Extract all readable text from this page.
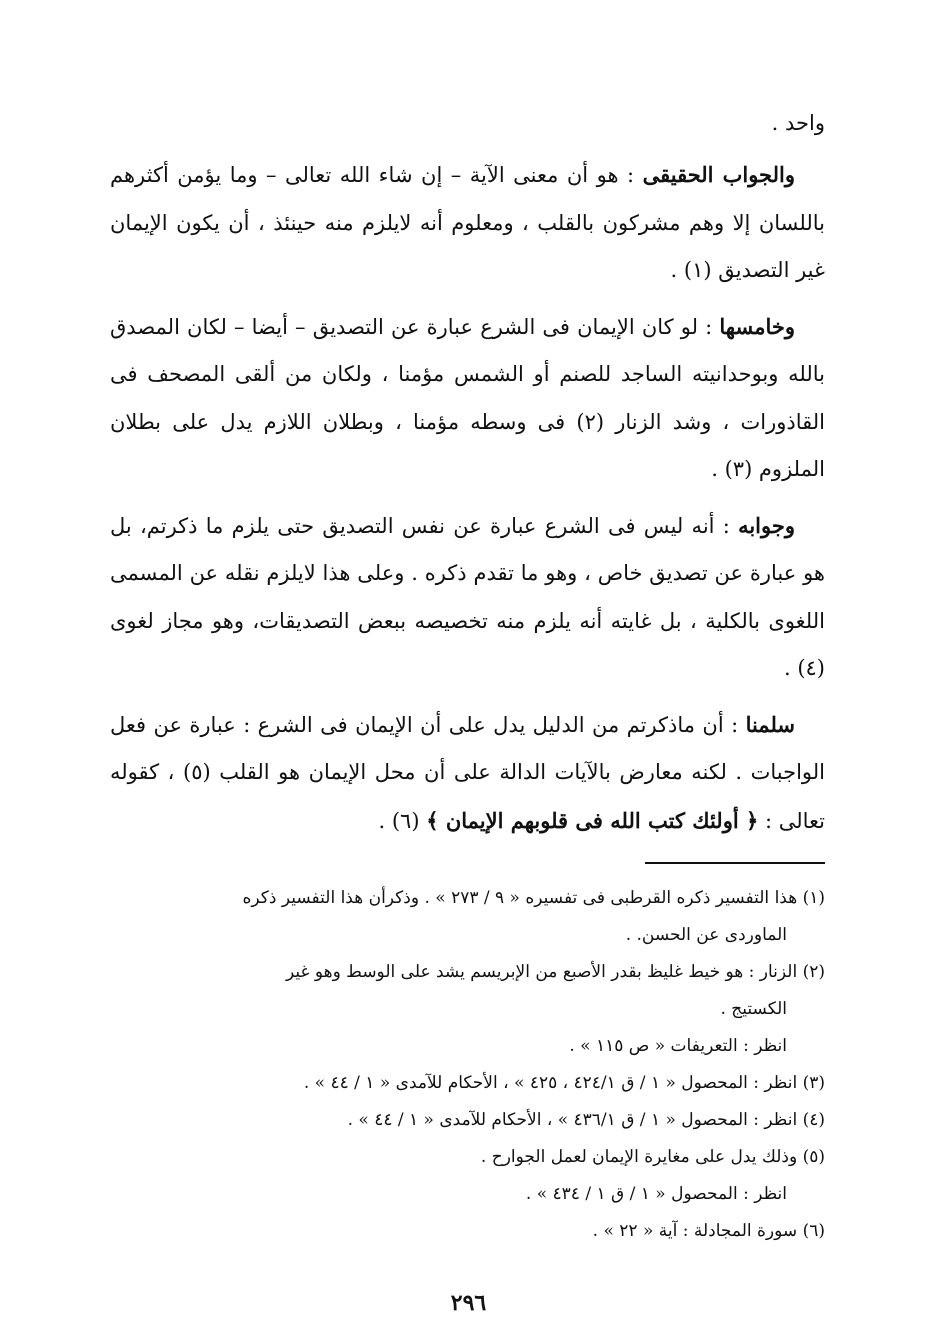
واحد .

والجواب الحقيقى : هو أن معنى الآية – إن شاء الله تعالى – وما يؤمن أكثرهم باللسان إلا وهم مشركون بالقلب ، ومعلوم أنه لايلزم منه حينئذ ، أن يكون الإيمان غير التصديق (١) .

وخامسها : لو كان الإيمان فى الشرع عبارة عن التصديق – أيضا – لكان المصدق بالله وبوحدانيته الساجد للصنم أو الشمس مؤمنا ، ولكان من ألقى المصحف فى القاذورات ، وشد الزنار (٢) فى وسطه مؤمنا ، وبطلان اللازم يدل على بطلان الملزوم (٣) .

وجوابه : أنه ليس فى الشرع عبارة عن نفس التصديق حتى يلزم ما ذكرتم، بل هو عبارة عن تصديق خاص ، وهو ما تقدم ذكره . وعلى هذا لايلزم نقله عن المسمى اللغوى بالكلية ، بل غايته أنه يلزم منه تخصيصه ببعض التصديقات، وهو مجاز لغوى (٤) .

سلمنا : أن ماذكرتم من الدليل يدل على أن الإيمان فى الشرع : عبارة عن فعل الواجبات . لكنه معارض بالآيات الدالة على أن محل الإيمان هو القلب (٥) ، كقوله تعالى : ﴿ أولئك كتب الله فى قلوبهم الإيمان ﴾ (٦) .

(١) هذا التفسير ذكره القرطبى فى تفسيره « ٩ / ٢٧٣ » . وذكرأن هذا التفسير ذكره

الماوردى عن الحسن. .

(٢) الزنار : هو خيط غليظ بقدر الأصبع من الإبريسم يشد على الوسط وهو غير

الكستيج .

انظر : التعريفات « ص ١١٥ » .

(٣) انظر : المحصول « ١ / ق ٤٢٤/١ ، ٤٢٥ » ، الأحكام للآمدى « ١ / ٤٤ » .

(٤) انظر : المحصول « ١ / ق ٤٣٦/١ » ، الأحكام للآمدى « ١ / ٤٤ » .

(٥) وذلك يدل على مغايرة الإيمان لعمل الجوارح .

انظر : المحصول « ١ / ق ١ / ٤٣٤ » .

(٦) سورة المجادلة : آية « ٢٢ » .

٢٩٦
